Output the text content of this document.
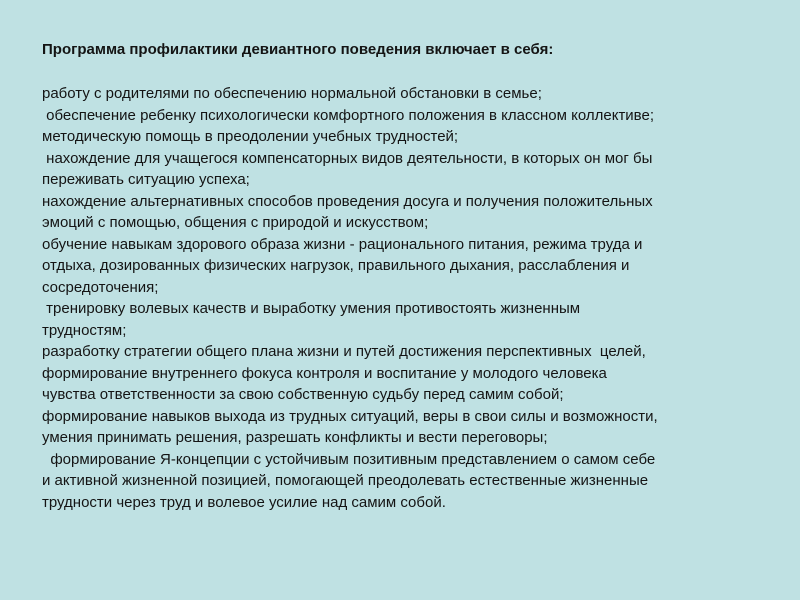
Программа профилактики девиантного поведения включает в себя:
работу с родителями по обеспечению нормальной обстановки в семье;
обеспечение ребенку психологически комфортного положения в классном коллективе;
методическую помощь в преодолении учебных трудностей;
нахождение для учащегося компенсаторных видов деятельности, в которых он мог бы
переживать ситуацию успеха;
нахождение альтернативных способов проведения досуга и получения положительных
эмоций с помощью, общения с природой и искусством;
обучение навыкам здорового образа жизни - рационального питания, режима труда и
отдыха, дозированных физических нагрузок, правильного дыхания, расслабления и
сосредоточения;
тренировку волевых качеств и выработку умения противостоять жизненным
трудностям;
разработку стратегии общего плана жизни и путей достижения перспективных  целей,
формирование внутреннего фокуса контроля и воспитание у молодого человека
чувства ответственности за свою собственную судьбу перед самим собой;
формирование навыков выхода из трудных ситуаций, веры в свои силы и возможности,
умения принимать решения, разрешать конфликты и вести переговоры;
формирование Я-концепции с устойчивым позитивным представлением о самом себе
и активной жизненной позицией, помогающей преодолевать естественные жизненные
трудности через труд и волевое усилие над самим собой.
